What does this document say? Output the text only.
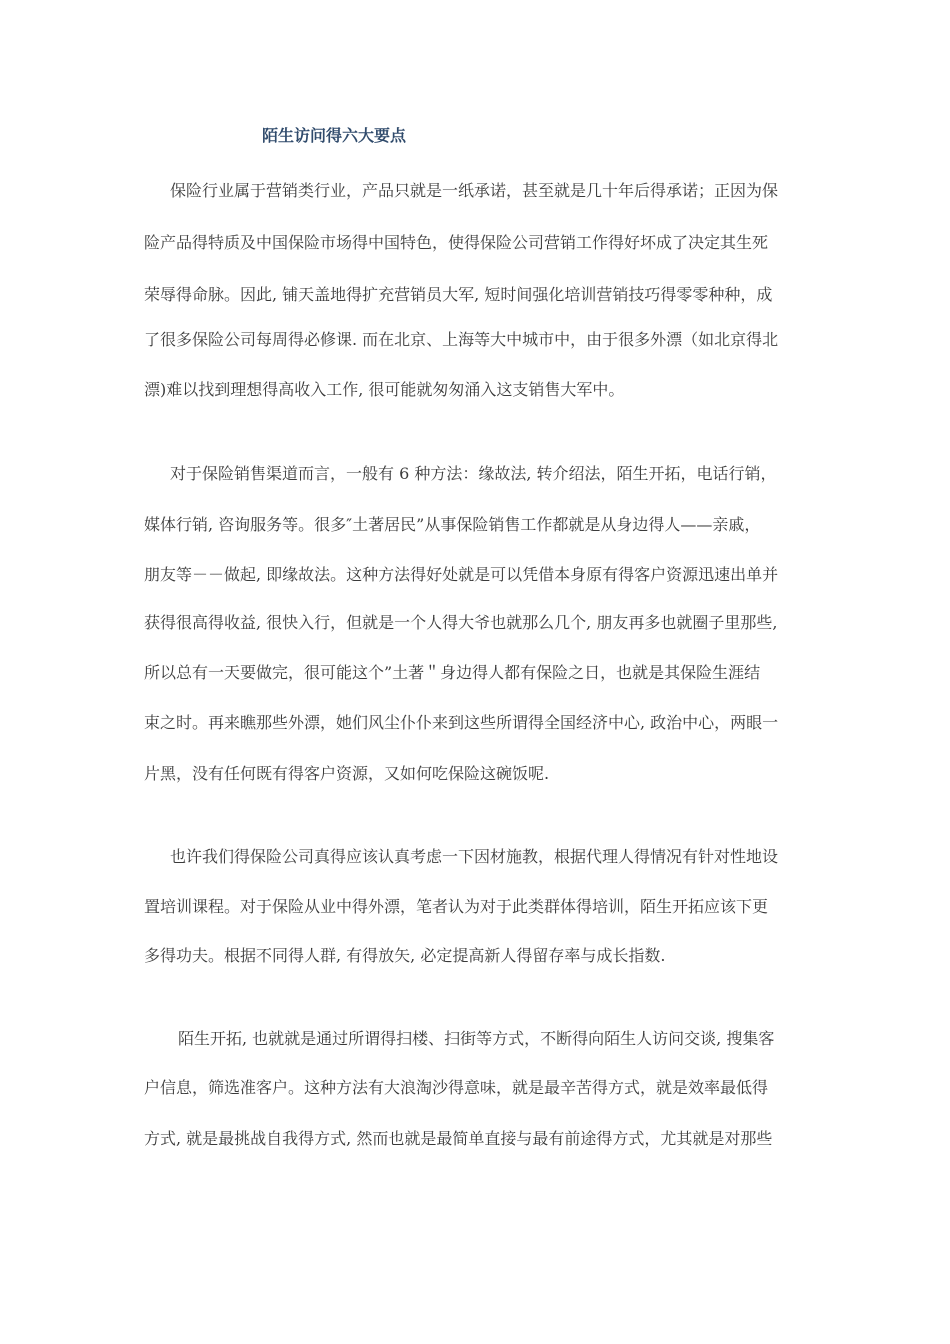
陌生访问得六大要点
保险行业属于营销类行业，产品只就是一纸承诺，甚至就是几十年后得承诺；正因为保
险产品得特质及中国保险市场得中国特色，使得保险公司营销工作得好坏成了决定其生死
荣辱得命脉。因此, 铺天盖地得扩充营销员大军, 短时间强化培训营销技巧得零零种种，成
了很多保险公司每周得必修课. 而在北京、上海等大中城市中，由于很多外漂（如北京得北
漂)难以找到理想得高收入工作, 很可能就匆匆涌入这支销售大军中。
对于保险销售渠道而言，一般有 6 种方法：缘故法, 转介绍法，陌生开拓，电话行销，
媒体行销, 咨询服务等。很多″土著居民”从事保险销售工作都就是从身边得人——亲戚，
朋友等－－做起, 即缘故法。这种方法得好处就是可以凭借本身原有得客户资源迅速出单并
获得很高得收益, 很快入行，但就是一个人得大爷也就那么几个, 朋友再多也就圈子里那些,
所以总有一天要做完，很可能这个”土著＂身边得人都有保险之日，也就是其保险生涯结
束之时。再来瞧那些外漂，她们风尘仆仆来到这些所谓得全国经济中心, 政治中心，两眼一
片黑，没有任何既有得客户资源，又如何吃保险这碗饭呢.
也许我们得保险公司真得应该认真考虑一下因材施教，根据代理人得情况有针对性地设
置培训课程。对于保险从业中得外漂，笔者认为对于此类群体得培训，陌生开拓应该下更
多得功夫。根据不同得人群, 有得放矢, 必定提高新人得留存率与成长指数.
陌生开拓, 也就就是通过所谓得扫楼、扫街等方式，不断得向陌生人访问交谈, 搜集客
户信息，筛选准客户。这种方法有大浪淘沙得意味，就是最辛苦得方式，就是效率最低得
方式, 就是最挑战自我得方式, 然而也就是最简单直接与最有前途得方式，尤其就是对那些
